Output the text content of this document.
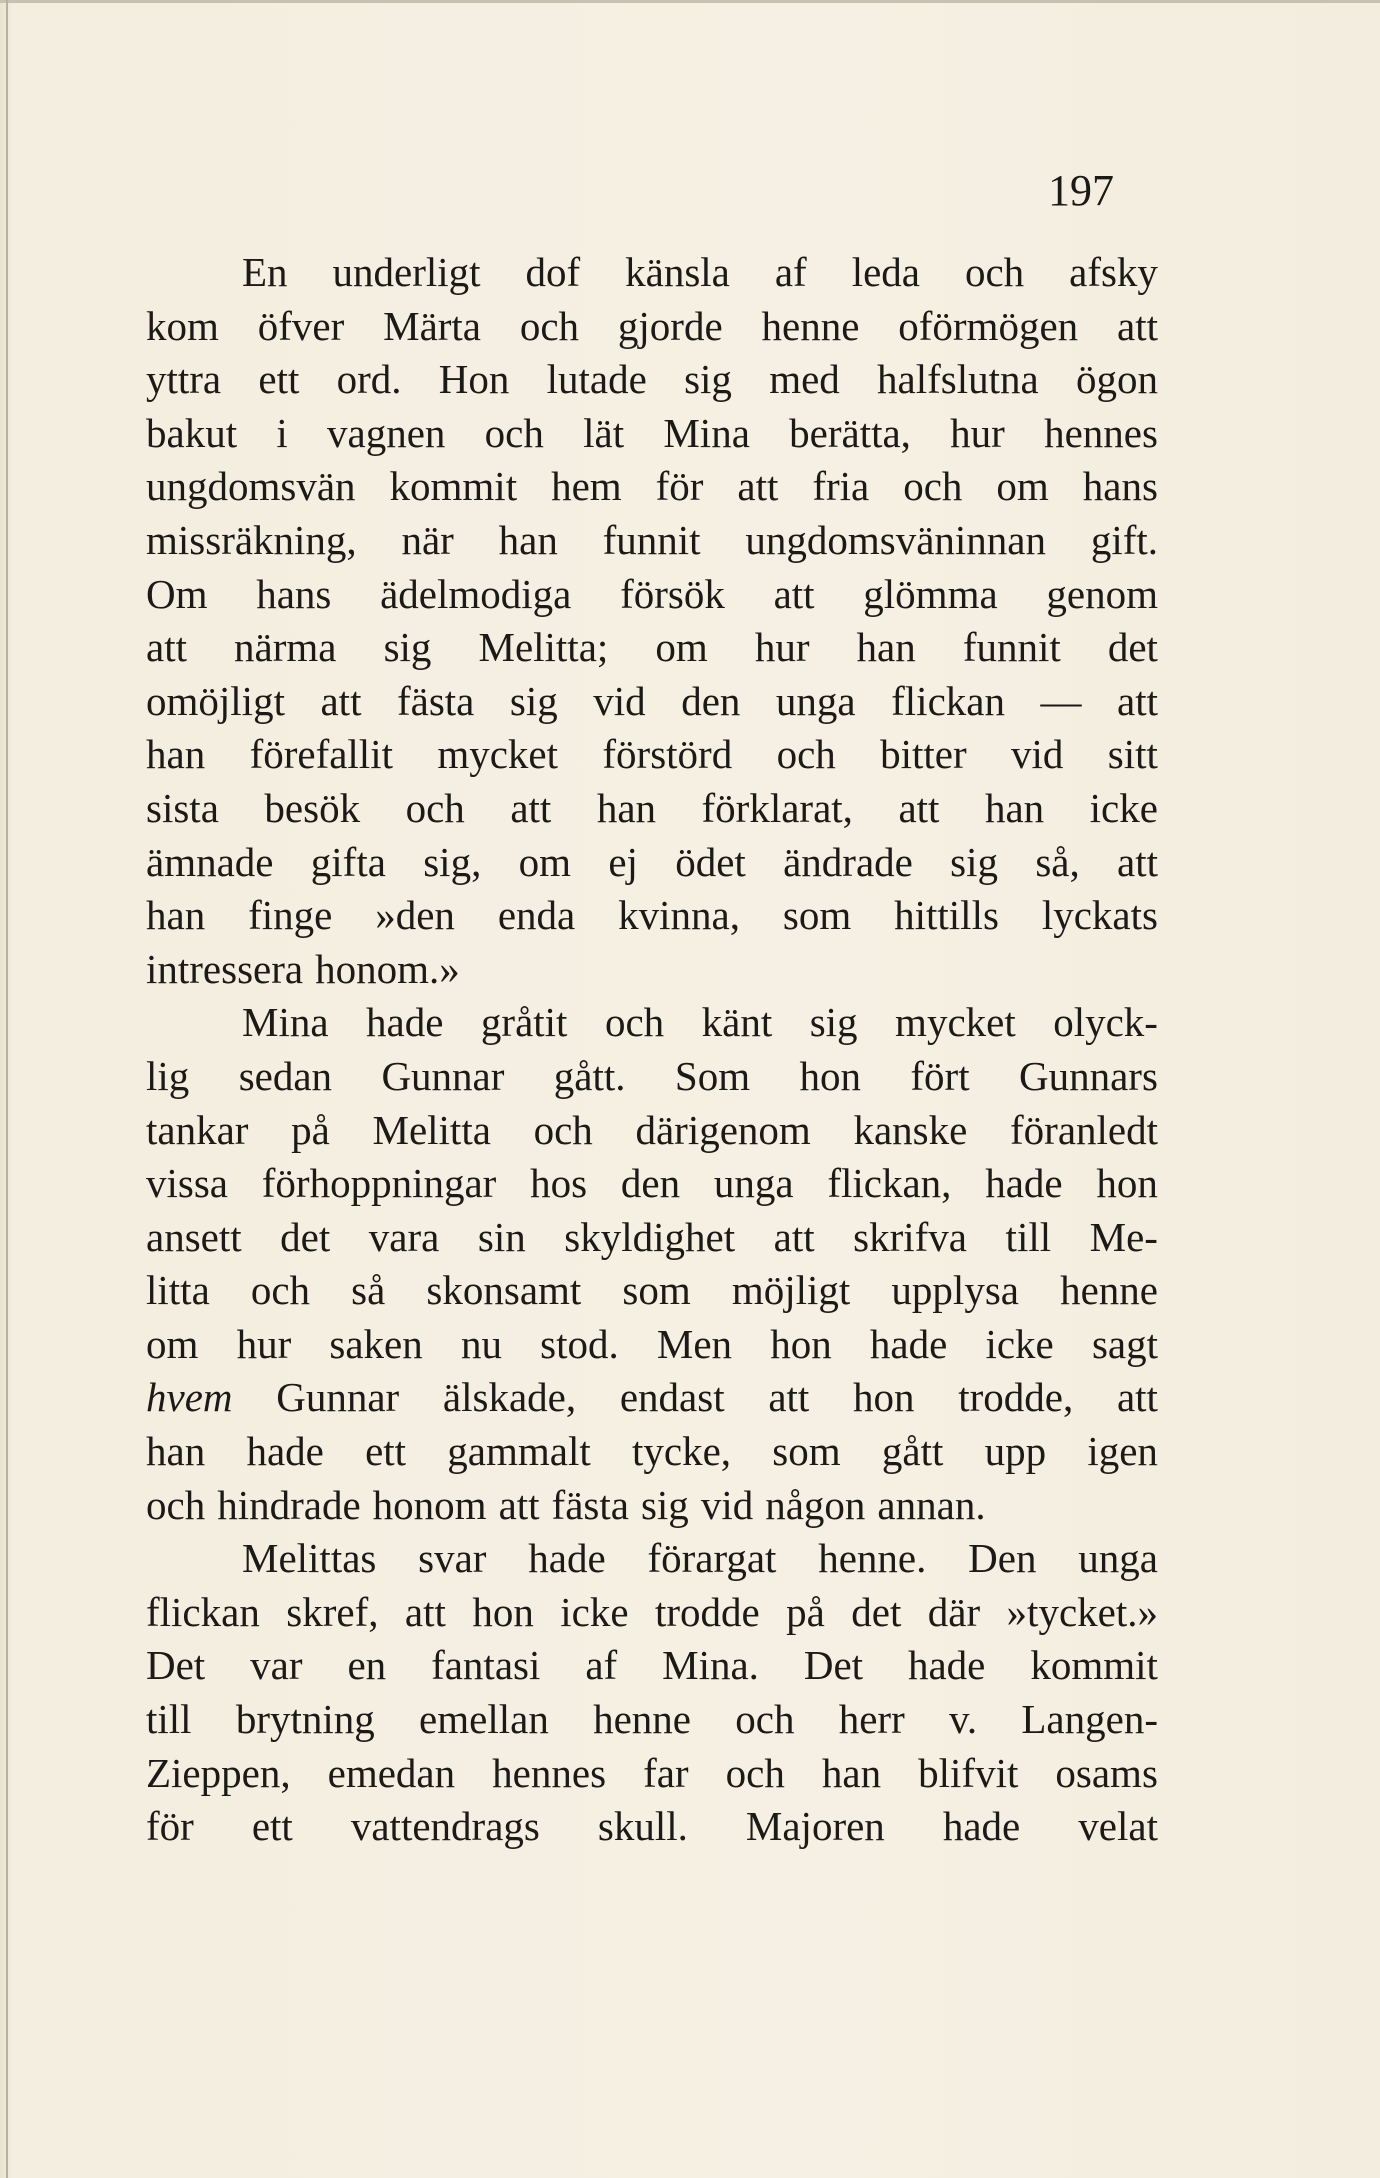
197
En underligt dof känsla af leda och afsky
kom öfver Märta och gjorde henne oförmögen att
yttra ett ord. Hon lutade sig med halfslutna ögon
bakut i vagnen och lät Mina berätta, hur hennes
ungdomsvän kommit hem för att fria och om hans
missräkning, när han funnit ungdomsväninnan gift.
Om hans ädelmodiga försök att glömma genom
att närma sig Melitta; om hur han funnit det
omöjligt att fästa sig vid den unga flickan — att
han förefallit mycket förstörd och bitter vid sitt
sista besök och att han förklarat, att han icke
ämnade gifta sig, om ej ödet ändrade sig så, att
han finge »den enda kvinna, som hittills lyckats
intressera honom.»
Mina hade gråtit och känt sig mycket olyck-
lig sedan Gunnar gått. Som hon fört Gunnars
tankar på Melitta och därigenom kanske föranledt
vissa förhoppningar hos den unga flickan, hade hon
ansett det vara sin skyldighet att skrifva till Me-
litta och så skonsamt som möjligt upplysa henne
om hur saken nu stod. Men hon hade icke sagt
hvem Gunnar älskade, endast att hon trodde, att
han hade ett gammalt tycke, som gått upp igen
och hindrade honom att fästa sig vid någon annan.
Melittas svar hade förargat henne. Den unga
flickan skref, att hon icke trodde på det där »tycket.»
Det var en fantasi af Mina. Det hade kommit
till brytning emellan henne och herr v. Langen-
Zieppen, emedan hennes far och han blifvit osams
för ett vattendrags skull. Majoren hade velat
